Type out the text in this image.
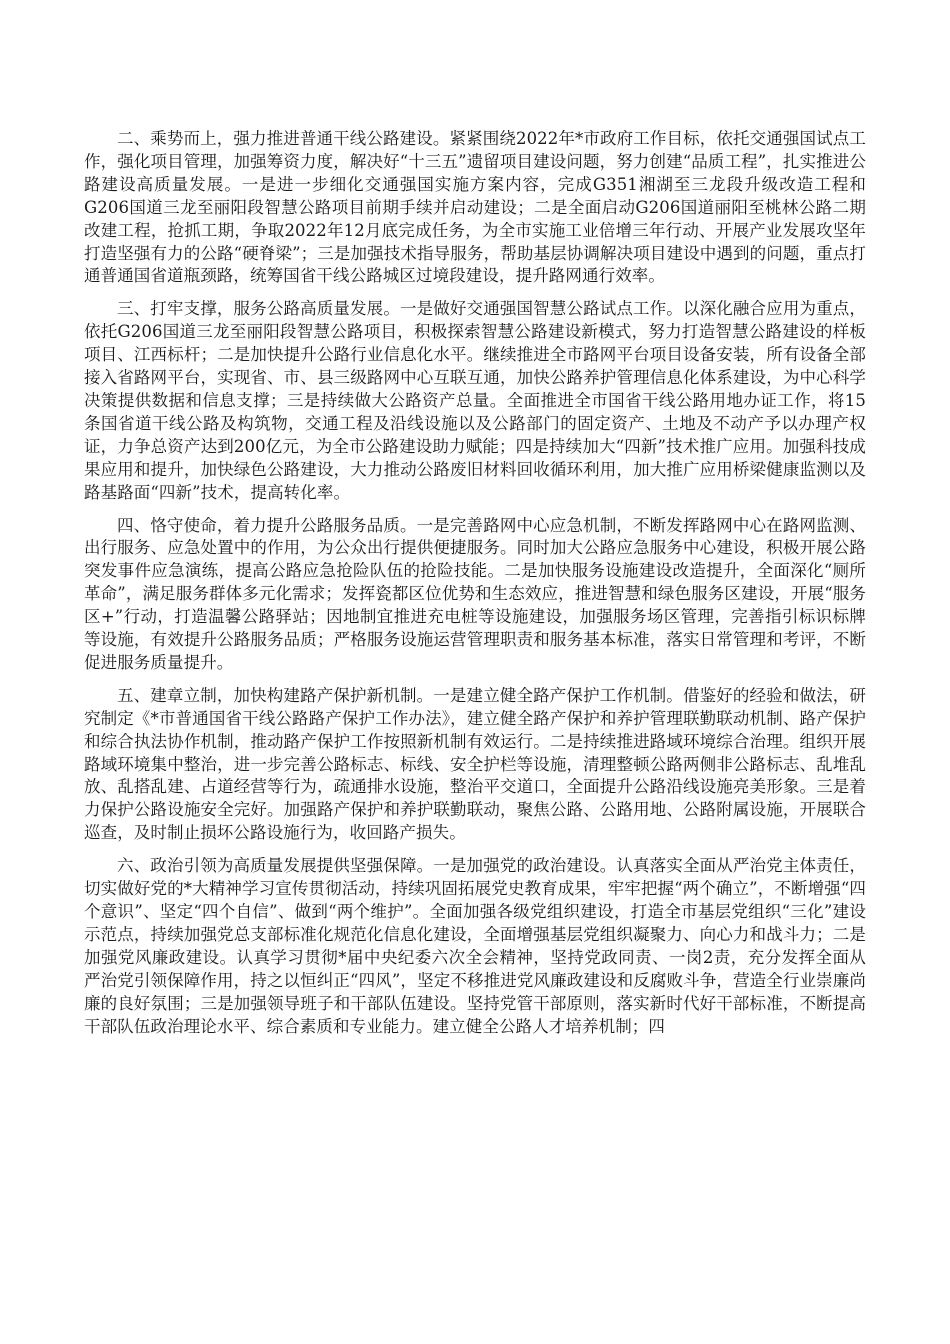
二、乘势而上，强力推进普通干线公路建设。紧紧围绕2022年*市政府工作目标，依托交通强国试点工作，强化项目管理，加强筹资力度，解决好“十三五”遗留项目建设问题，努力创建“品质工程”，扎实推进公路建设高质量发展。一是进一步细化交通强国实施方案内容，完成G351湘湖至三龙段升级改造工程和G206国道三龙至丽阳段智慧公路项目前期手续并启动建设；二是全面启动G206国道丽阳至桃林公路二期改建工程，抢抓工期，争取2022年12月底完成任务，为全市实施工业倍增三年行动、开展产业发展攻坚年打造坚强有力的公路“硬脊梁”；三是加强技术指导服务，帮助基层协调解决项目建设中遇到的问题，重点打通普通国省道瓶颈路，统筹国省干线公路城区过境段建设，提升路网通行效率。

三、打牢支撑，服务公路高质量发展。一是做好交通强国智慧公路试点工作。以深化融合应用为重点，依托G206国道三龙至丽阳段智慧公路项目，积极探索智慧公路建设新模式，努力打造智慧公路建设的样板项目、江西标杆；二是加快提升公路行业信息化水平。继续推进全市路网平台项目设备安装，所有设备全部接入省路网平台，实现省、市、县三级路网中心互联互通，加快公路养护管理信息化体系建设，为中心科学决策提供数据和信息支撑；三是持续做大公路资产总量。全面推进全市国省干线公路用地办证工作，将15条国省道干线公路及构筑物，交通工程及沿线设施以及公路部门的固定资产、土地及不动产予以办理产权证，力争总资产达到200亿元，为全市公路建设助力赋能；四是持续加大“四新”技术推广应用。加强科技成果应用和提升，加快绿色公路建设，大力推动公路废旧材料回收循环利用，加大推广应用桥梁健康监测以及路基路面“四新”技术，提高转化率。

四、恪守使命，着力提升公路服务品质。一是完善路网中心应急机制，不断发挥路网中心在路网监测、出行服务、应急处置中的作用，为公众出行提供便捷服务。同时加大公路应急服务中心建设，积极开展公路突发事件应急演练，提高公路应急抢险队伍的抢险技能。二是加快服务设施建设改造提升，全面深化“厕所革命”，满足服务群体多元化需求；发挥瓷都区位优势和生态效应，推进智慧和绿色服务区建设，开展“服务区+”行动，打造温馨公路驿站；因地制宜推进充电桩等设施建设，加强服务场区管理，完善指引标识标牌等设施，有效提升公路服务品质；严格服务设施运营管理职责和服务基本标准，落实日常管理和考评，不断促进服务质量提升。

五、建章立制，加快构建路产保护新机制。一是建立健全路产保护工作机制。借鉴好的经验和做法，研究制定《*市普通国省干线公路路产保护工作办法》，建立健全路产保护和养护管理联勤联动机制、路产保护和综合执法协作机制，推动路产保护工作按照新机制有效运行。二是持续推进路域环境综合治理。组织开展路域环境集中整治，进一步完善公路标志、标线、安全护栏等设施，清理整顿公路两侧非公路标志、乱堆乱放、乱搭乱建、占道经营等行为，疏通排水设施，整治平交道口，全面提升公路沿线设施亮美形象。三是着力保护公路设施安全完好。加强路产保护和养护联勤联动，聚焦公路、公路用地、公路附属设施，开展联合巡查，及时制止损坏公路设施行为，收回路产损失。

六、政治引领为高质量发展提供坚强保障。一是加强党的政治建设。认真落实全面从严治党主体责任，切实做好党的*大精神学习宣传贯彻活动，持续巩固拓展党史教育成果，牢牢把握“两个确立”，不断增强“四个意识”、坚定“四个自信”、做到“两个维护”。全面加强各级党组织建设，打造全市基层党组织“三化”建设示范点，持续加强党总支部标准化规范化信息化建设，全面增强基层党组织凝聚力、向心力和战斗力；二是加强党风廉政建设。认真学习贯彻*届中央纪委六次全会精神，坚持党政同责、一岗2责，充分发挥全面从严治党引领保障作用，持之以恒纠正“四风”，坚定不移推进党风廉政建设和反腐败斗争，营造全行业崇廉尚廉的良好氛围；三是加强领导班子和干部队伍建设。坚持党管干部原则，落实新时代好干部标准，不断提高干部队伍政治理论水平、综合素质和专业能力。建立健全公路人才培养机制；四
